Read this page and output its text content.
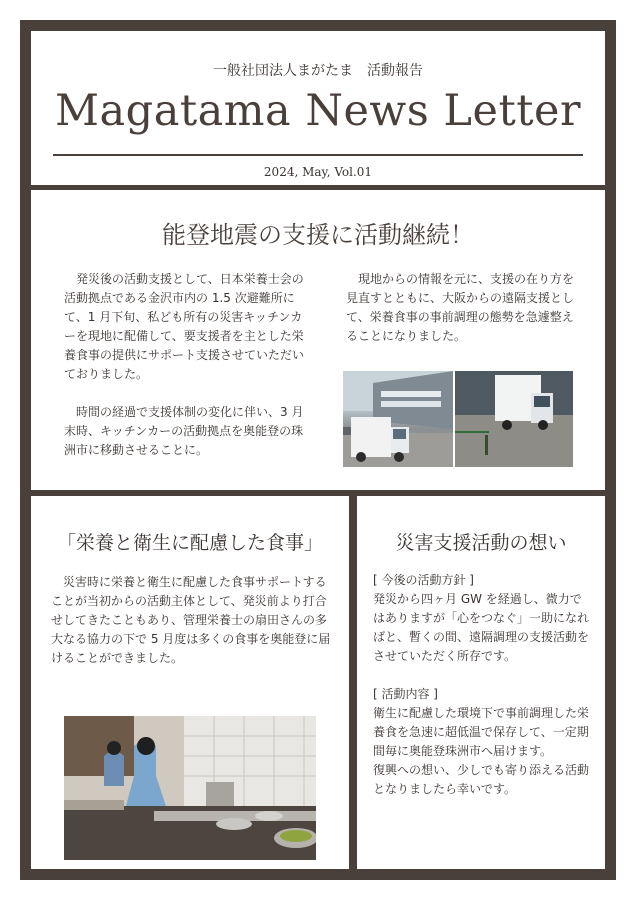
一般社団法人まがたま　活動報告
Magatama News Letter
2024, May, Vol.01
能登地震の支援に活動継続！

発災後の活動支援として、日本栄養士会の活動拠点である金沢市内の 1.5 次避難所にて、1 月下旬、私ども所有の災害キッチンカーを現地に配備して、要支援者を主とした栄養食事の提供にサポート支援させていただいておりました。

時間の経過で支援体制の変化に伴い、3 月末時、キッチンカーの活動拠点を奥能登の珠洲市に移動させることに。

現地からの情報を元に、支援の在り方を見直すとともに、大阪からの遠隔支援として、栄養食事の事前調理の態勢を急遽整えることになりました。
「栄養と衛生に配慮した食事」
災害時に栄養と衛生に配慮した食事サポートすることが当初からの活動主体として、発災前より打合せしてきたこともあり、管理栄養士の扇田さんの多大なる協力の下で 5 月度は多くの食事を奥能登に届けることができました。
災害支援活動の想い
[ 今後の活動方針 ]
発災から四ヶ月 GW を経過し、微力ではありますが「心をつなぐ」一助になればと、暫くの間、遠隔調理の支援活動をさせていただく所存です。
[ 活動内容 ]
衛生に配慮した環境下で事前調理した栄養食を急速に超低温で保存して、一定期間毎に奥能登珠洲市へ届けます。
復興への想い、少しでも寄り添える活動となりましたら幸いです。
